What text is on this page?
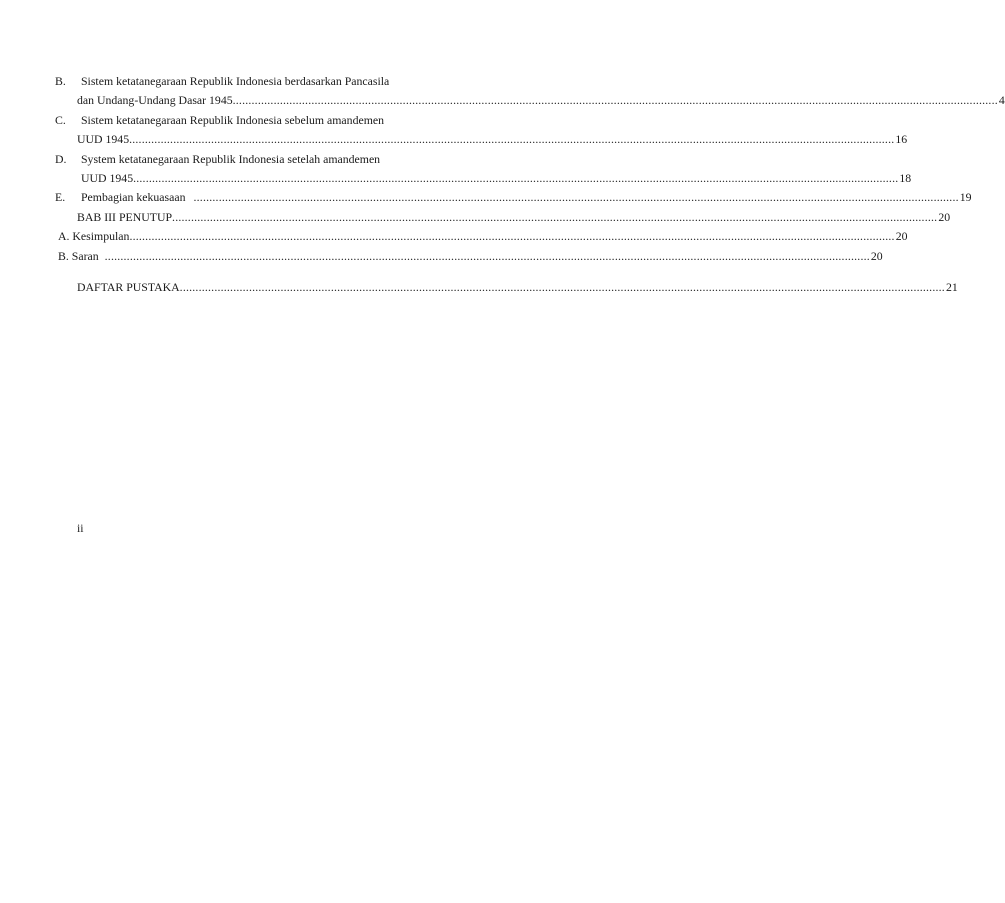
B. Sistem ketatanegaraan Republik Indonesia berdasarkan Pancasila
dan Undang-Undang Dasar 1945 ................................................................................................................................................................................................................................................... 4
C. Sistem ketatanegaraan Republik Indonesia sebelum amandemen
UUD 1945 ................................................................................................................................................................................................................................................... 16
D. System ketatanegaraan Republik Indonesia setelah amandemen
UUD 1945 ................................................................................................................................................................................................................................................... 18
E. Pembagian kekuasaan ................................................................................................................................................................................................................................................... 19
BAB III PENUTUP ................................................................................................................................................................................................................................................... 20
A. Kesimpulan ................................................................................................................................................................................................................................................... 20
B. Saran ................................................................................................................................................................................................................................................... 20
DAFTAR PUSTAKA ................................................................................................................................................................................................................................................... 21
ii
